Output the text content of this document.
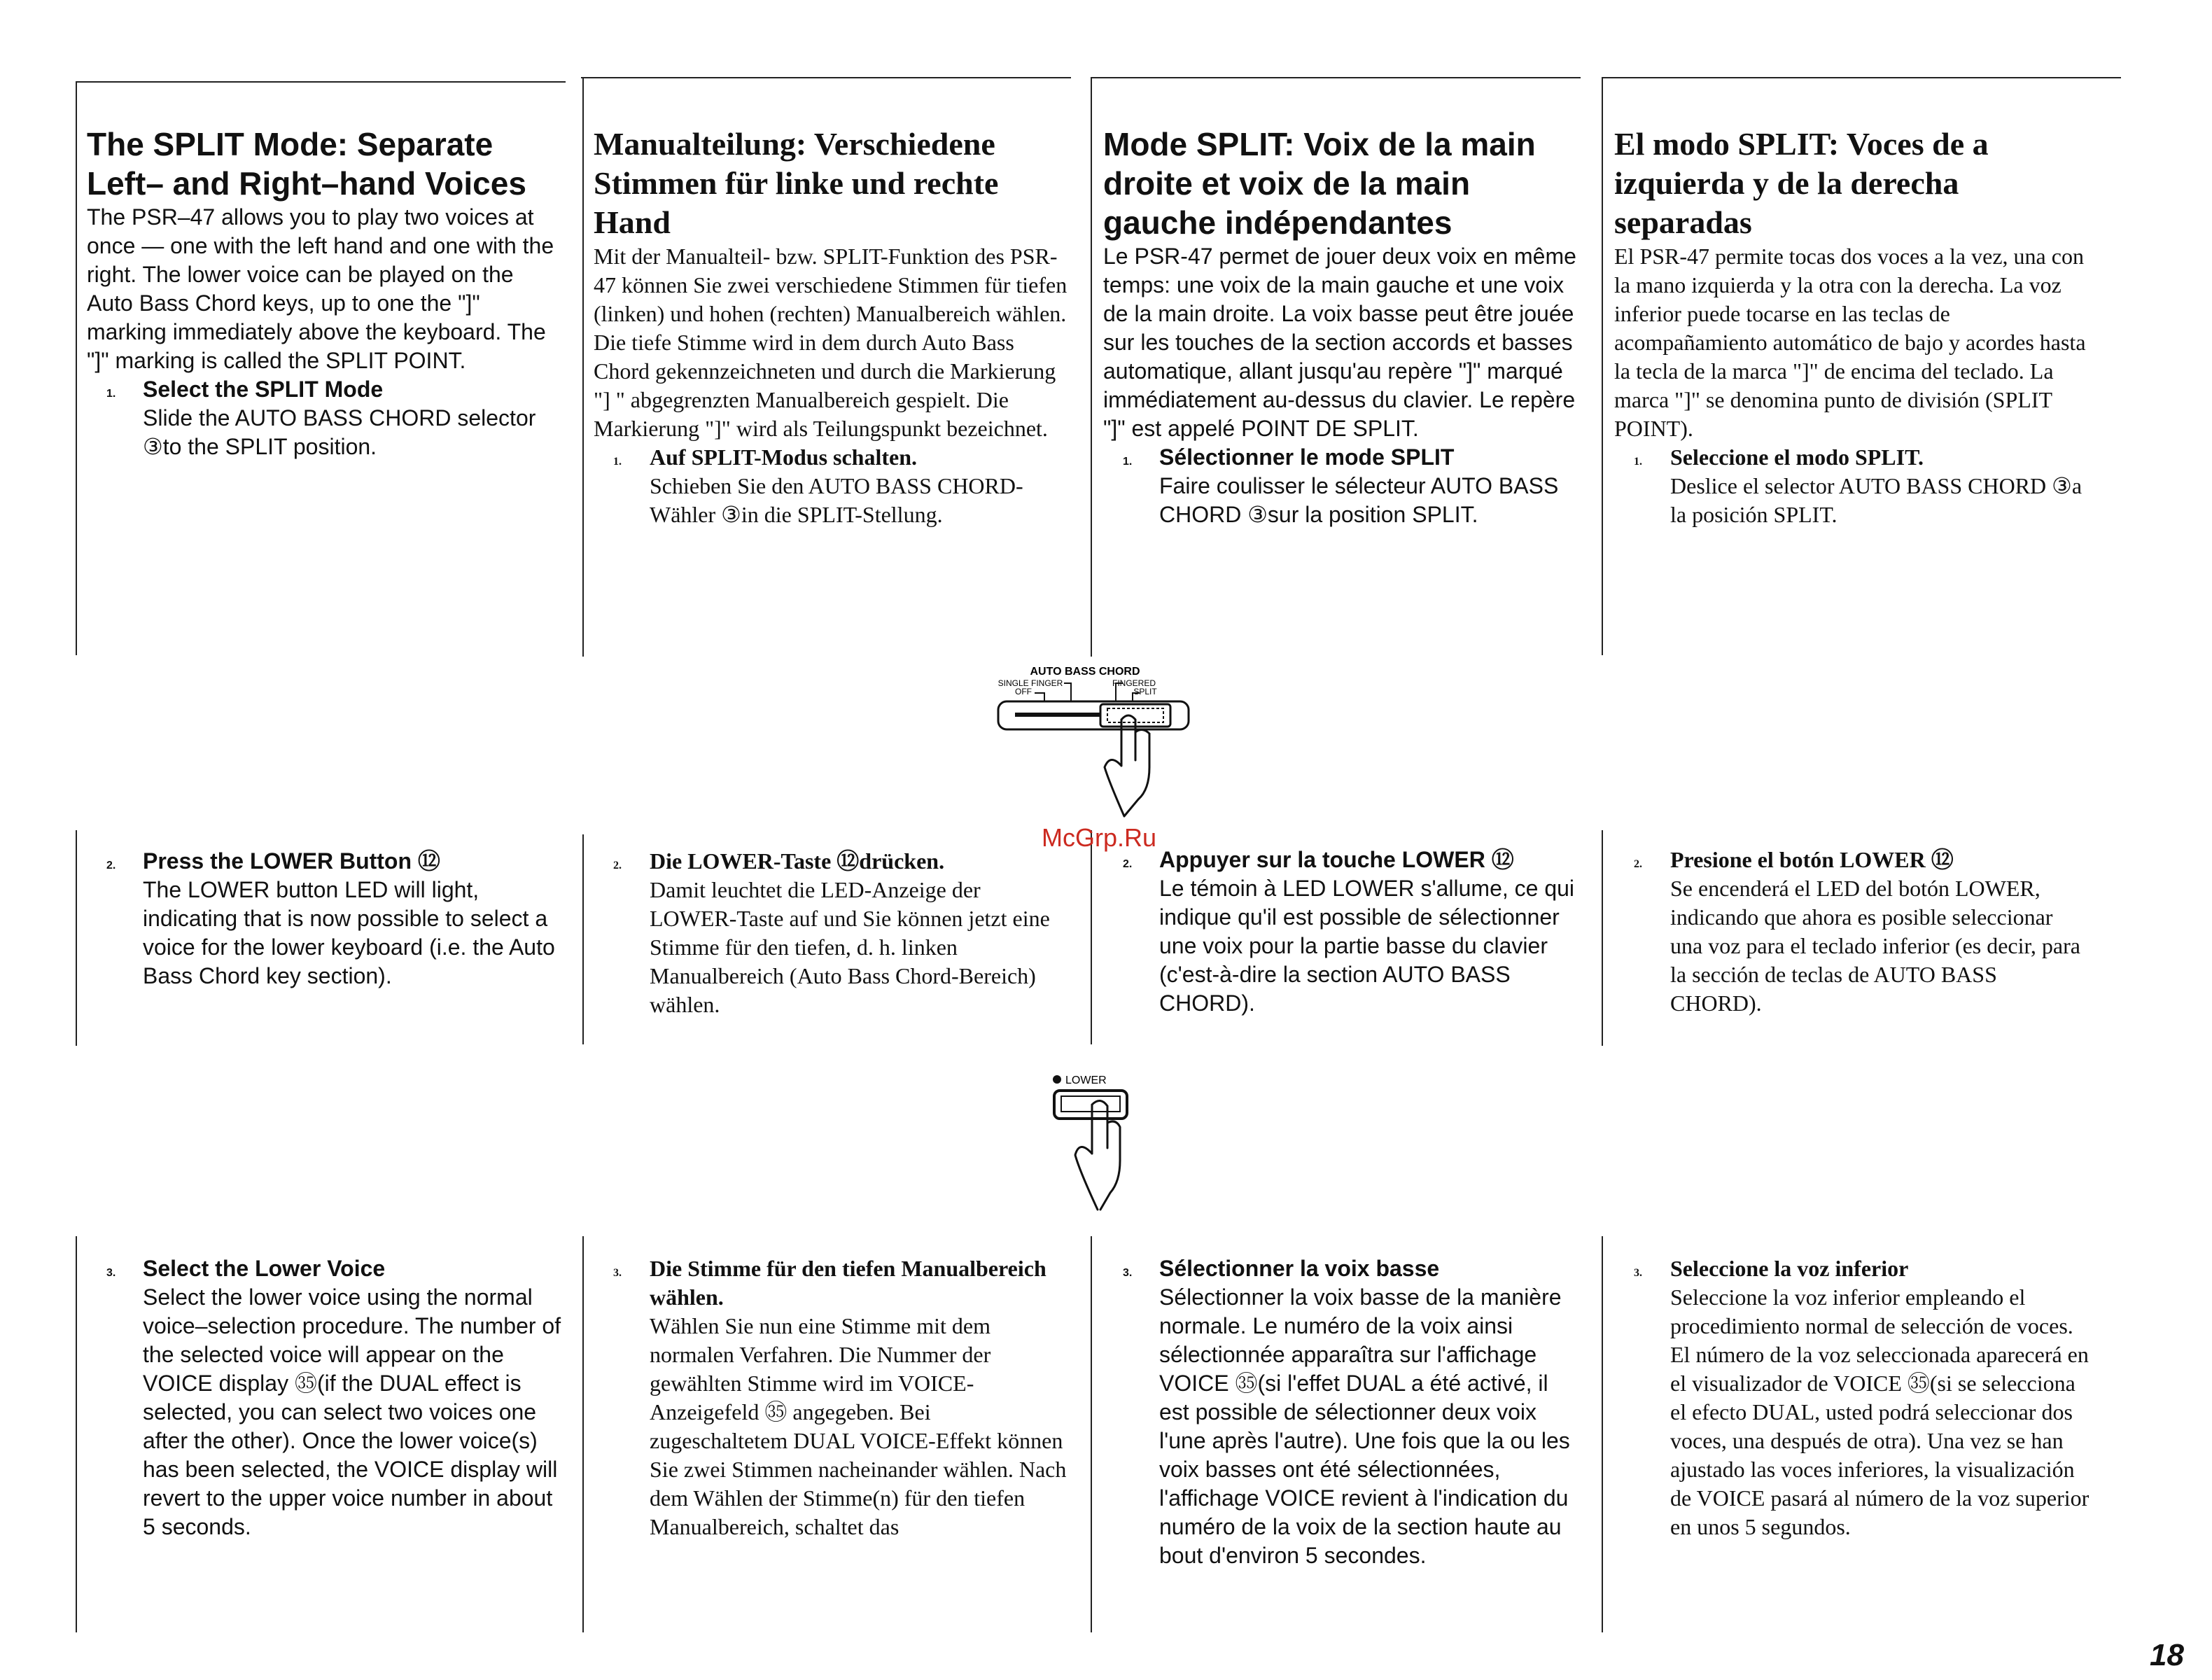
The SPLIT Mode: Separate Left– and Right–hand Voices

The PSR–47 allows you to play two voices at once — one with the left hand and one with the right. The lower voice can be played on the Auto Bass Chord keys, up to one the "]" marking immediately above the keyboard. The "]" marking is called the SPLIT POINT.

1. Select the SPLIT Mode

Slide the AUTO BASS CHORD selector ③to the SPLIT position.

2. Press the LOWER Button ⑫

The LOWER button LED will light, indicating that is now possible to select a voice for the lower keyboard (i.e. the Auto Bass Chord key section).

3. Select the Lower Voice

Select the lower voice using the normal voice–selection procedure. The number of the selected voice will appear on the VOICE display ㉟(if the DUAL effect is selected, you can select two voices one after the other). Once the lower voice(s) has been selected, the VOICE display will revert to the upper voice number in about 5 seconds.

Manualteilung: Verschiedene Stimmen für linke und rechte Hand

Mit der Manualteil- bzw. SPLIT-Funktion des PSR-47 können Sie zwei verschiedene Stimmen für tiefen (linken) und hohen (rechten) Manualbereich wählen. Die tiefe Stimme wird in dem durch Auto Bass Chord gekennzeichneten und durch die Markierung "] " abgegrenzten Manualbereich gespielt. Die Markierung "]" wird als Teilungspunkt bezeichnet.

1. Auf SPLIT-Modus schalten.

Schieben Sie den AUTO BASS CHORD-Wähler ③in die SPLIT-Stellung.

2. Die LOWER-Taste ⑫drücken.

Damit leuchtet die LED-Anzeige der LOWER-Taste auf und Sie können jetzt eine Stimme für den tiefen, d. h. linken Manualbereich (Auto Bass Chord-Bereich) wählen.

3. Die Stimme für den tiefen Manualbereich wählen.

Wählen Sie nun eine Stimme mit dem normalen Verfahren. Die Nummer der gewählten Stimme wird im VOICE-Anzeigefeld ㉟ angegeben. Bei zugeschaltetem DUAL VOICE-Effekt können Sie zwei Stimmen nacheinander wählen. Nach dem Wählen der Stimme(n) für den tiefen Manualbereich, schaltet das

Mode SPLIT: Voix de la main droite et voix de la main gauche indépendantes

Le PSR-47 permet de jouer deux voix en même temps: une voix de la main gauche et une voix de la main droite. La voix basse peut être jouée sur les touches de la section accords et basses automatique, allant jusqu'au repère "]" marqué immédiatement au-dessus du clavier. Le repère "]" est appelé POINT DE SPLIT.

1. Sélectionner le mode SPLIT

Faire coulisser le sélecteur AUTO BASS CHORD ③sur la position SPLIT.

2. Appuyer sur la touche LOWER ⑫

Le témoin à LED LOWER s'allume, ce qui indique qu'il est possible de sélectionner une voix pour la partie basse du clavier (c'est-à-dire la section AUTO BASS CHORD).

3. Sélectionner la voix basse

Sélectionner la voix basse de la manière normale. Le numéro de la voix ainsi sélectionnée apparaîtra sur l'affichage VOICE ㉟(si l'effet DUAL a été activé, il est possible de sélectionner deux voix l'une après l'autre). Une fois que la ou les voix basses ont été sélectionnées, l'affichage VOICE revient à l'indication du numéro de la voix de la section haute au bout d'environ 5 secondes.

El modo SPLIT: Voces de a izquierda y de la derecha separadas

El PSR-47 permite tocas dos voces a la vez, una con la mano izquierda y la otra con la derecha. La voz inferior puede tocarse en las teclas de acompañamiento automático de bajo y acordes hasta la tecla de la marca "]" de encima del teclado. La marca "]" se denomina punto de división (SPLIT POINT).

1. Seleccione el modo SPLIT.

Deslice el selector AUTO BASS CHORD ③a la posición SPLIT.

2. Presione el botón LOWER ⑫

Se encenderá el LED del botón LOWER, indicando que ahora es posible seleccionar una voz para el teclado inferior (es decir, para la sección de teclas de AUTO BASS CHORD).

3. Seleccione la voz inferior

Seleccione la voz inferior empleando el procedimiento normal de selección de voces. El número de la voz seleccionada aparecerá en el visualizador de VOICE ㉟(si se selecciona el efecto DUAL, usted podrá seleccionar dos voces, una después de otra). Una vez se han ajustado las voces inferiores, la visualización de VOICE pasará al número de la voz superior en unos 5 segundos.

AUTO BASS CHORD
SINGLE FINGER
OFF
FINGERED
SPLIT
LOWER
McGrp.Ru
18
